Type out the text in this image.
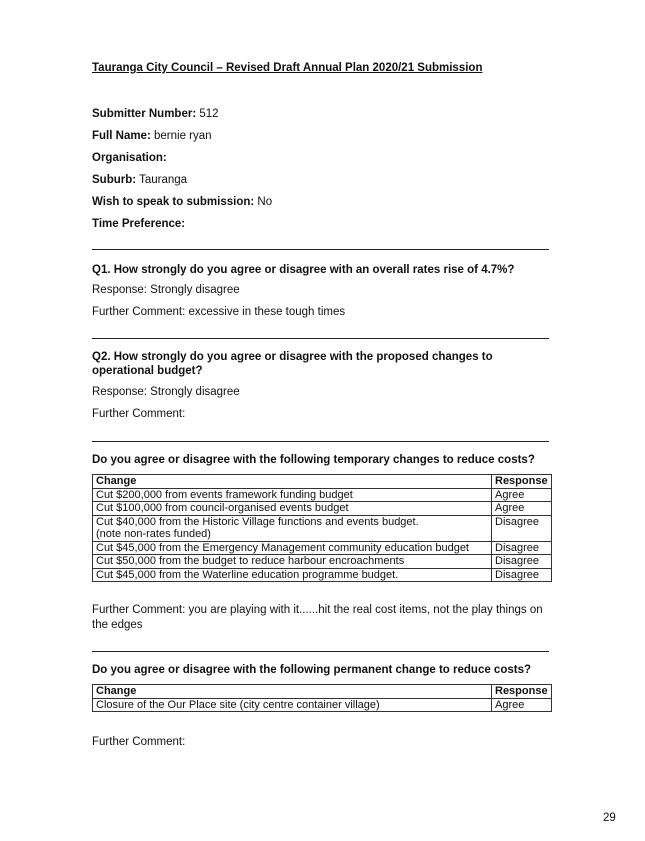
Tauranga City Council – Revised Draft Annual Plan 2020/21 Submission
Submitter Number: 512
Full Name: bernie ryan
Organisation:
Suburb: Tauranga
Wish to speak to submission: No
Time Preference:
Q1. How strongly do you agree or disagree with an overall rates rise of 4.7%?
Response: Strongly disagree
Further Comment: excessive in these tough times
Q2. How strongly do you agree or disagree with the proposed changes to operational budget?
Response: Strongly disagree
Further Comment:
Do you agree or disagree with the following temporary changes to reduce costs?
Change	Response
Cut $200,000 from events framework funding budget	Agree
Cut $100,000 from council-organised events budget	Agree

Cut $40,000 from the Historic Village functions and events budget.
(note non-rates funded)	Disagree
Cut $45,000 from the Emergency Management community education budget	Disagree
Cut $50,000 from the budget to reduce harbour encroachments	Disagree
Cut $45,000 from the Waterline education programme budget.	Disagree
Further Comment: you are playing with it......hit the real cost items, not the play things on the edges
Do you agree or disagree with the following permanent change to reduce costs?
Change	Response
Closure of the Our Place site (city centre container village)	Agree
Further Comment:
29
